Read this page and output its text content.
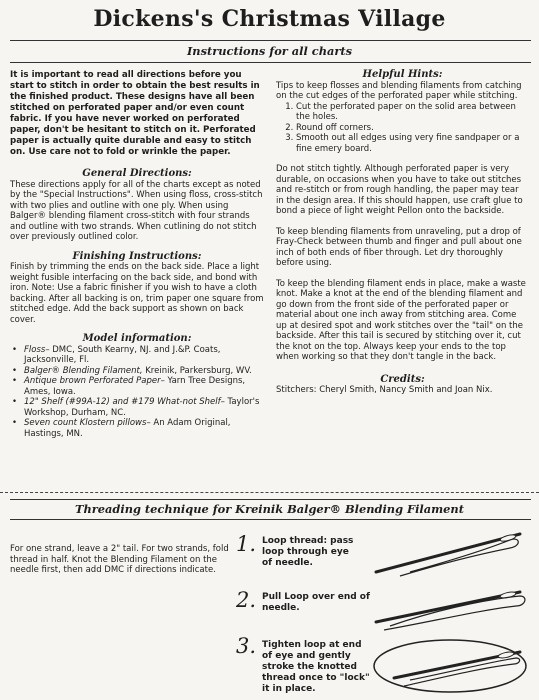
Dickens's Christmas Village
Instructions for all charts

It is important to read all directions before you start to stitch in order to obtain the best results in the finished product. These designs have all been stitched on perforated paper and/or even count fabric. If you have never worked on perforated paper, don't be hesitant to stitch on it. Perforated paper is actually quite durable and easy to stitch on. Use care not to fold or wrinkle the paper.

General Directions:

These directions apply for all of the charts except as noted by the "Special Instructions". When using floss, cross-stitch with two plies and outline with one ply. When using Balger® blending filament cross-stitch with four strands and outline with two strands. When cutlining do not stitch over previously outlined color.

Finishing Instructions:

Finish by trimming the ends on the back side. Place a light weight fusible interfacing on the back side, and bond with iron. Note: Use a fabric finisher if you wish to have a cloth backing. After all backing is on, trim paper one square from stitched edge. Add the back support as shown on back cover.

Model information:

• Floss– DMC, South Kearny, NJ. and J.&P. Coats, Jacksonville, Fl.
• Balger® Blending Filament, Kreinik, Parkersburg, WV.
• Antique brown Perforated Paper– Yarn Tree Designs, Ames, Iowa.
• 12" Shelf (#99A-12) and #179 What-not Shelf– Taylor's Workshop, Durham, NC.
• Seven count Klostern pillows– An Adam Original, Hastings, MN.

Helpful Hints:

Tips to keep flosses and blending filaments from catching on the cut edges of the perforated paper while stitching.

1. Cut the perforated paper on the solid area between the holes.
2. Round off corners.
3. Smooth out all edges using very fine sandpaper or a fine emery board.

Do not stitch tightly. Although perforated paper is very durable, on occasions when you have to take out stitches and re-stitch or from rough handling, the paper may tear in the design area. If this should happen, use craft glue to bond a piece of light weight Pellon onto the backside.

To keep blending filaments from unraveling, put a drop of Fray-Check between thumb and finger and pull about one inch of both ends of fiber through. Let dry thoroughly before using.

To keep the blending filament ends in place, make a waste knot. Make a knot at the end of the blending filament and go down from the front side of the perforated paper or material about one inch away from stitching area. Come up at desired spot and work stitches over the "tail" on the backside. After this tail is secured by stitching over it, cut the knot on the top. Always keep your ends to the top when working so that they don't tangle in the back.

Credits:

Stitchers: Cheryl Smith, Nancy Smith and Joan Nix.

Threading technique for Kreinik Balger® Blending Filament
For one strand, leave a 2" tail. For two strands, fold thread in half. Knot the Blending Filament on the needle first, then add DMC if directions indicate.
1. Loop thread: pass loop through eye of needle.
2. Pull Loop over end of needle.
3. Tighten loop at end of eye and gently stroke the knotted thread once to "lock" it in place.
